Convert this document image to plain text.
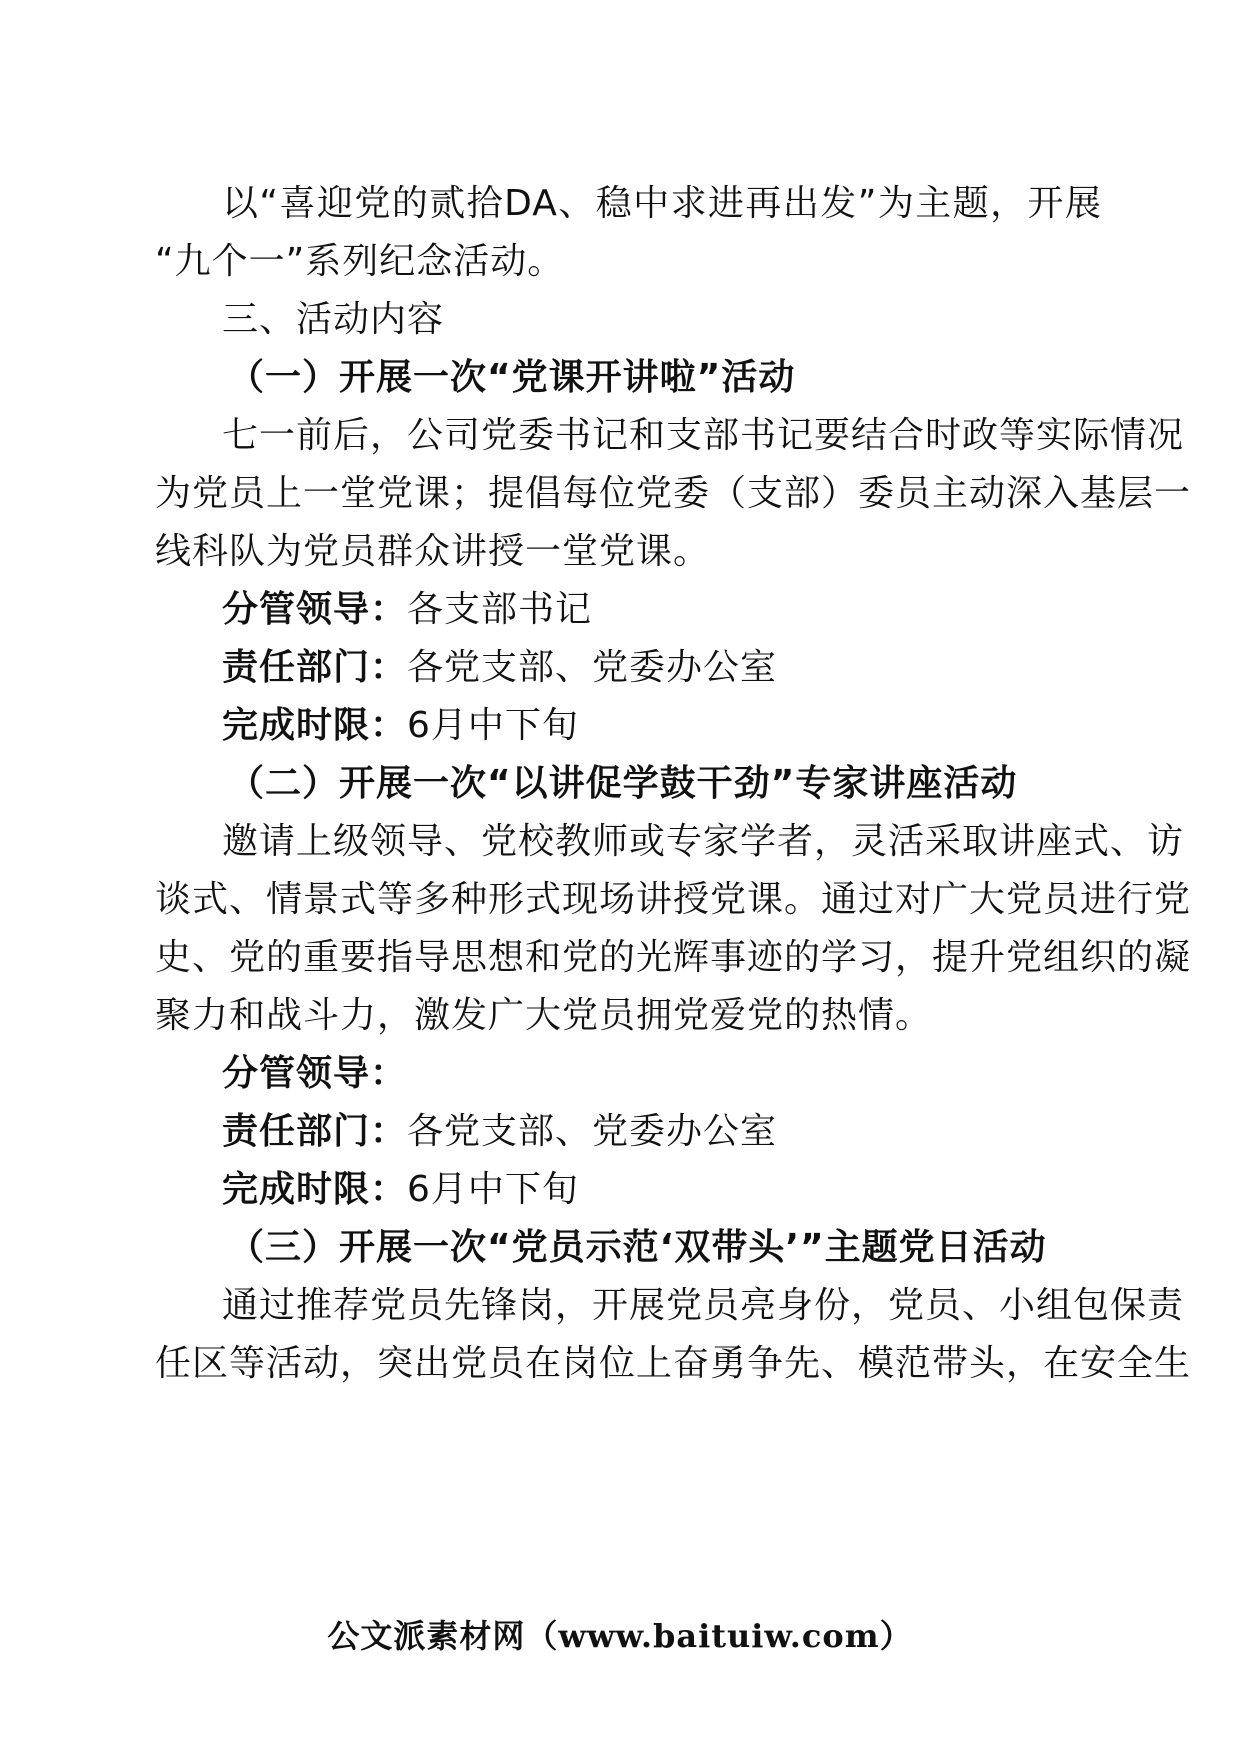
以“喜迎党的贰拾DA、稳中求进再出发”为主题，开展
“九个一”系列纪念活动。
三、活动内容
（一）开展一次“党课开讲啦”活动
七一前后，公司党委书记和支部书记要结合时政等实际情况
为党员上一堂党课；提倡每位党委（支部）委员主动深入基层一
线科队为党员群众讲授一堂党课。
分管领导：各支部书记
责任部门：各党支部、党委办公室
完成时限：6月中下旬
（二）开展一次“以讲促学鼓干劲”专家讲座活动
邀请上级领导、党校教师或专家学者，灵活采取讲座式、访
谈式、情景式等多种形式现场讲授党课。通过对广大党员进行党
史、党的重要指导思想和党的光辉事迹的学习，提升党组织的凝
聚力和战斗力，激发广大党员拥党爱党的热情。
分管领导：
责任部门：各党支部、党委办公室
完成时限：6月中下旬
（三）开展一次“党员示范‘双带头’”主题党日活动
通过推荐党员先锋岗，开展党员亮身份，党员、小组包保责
任区等活动，突出党员在岗位上奋勇争先、模范带头，在安全生
公文派素材网（www.baituiw.com）
